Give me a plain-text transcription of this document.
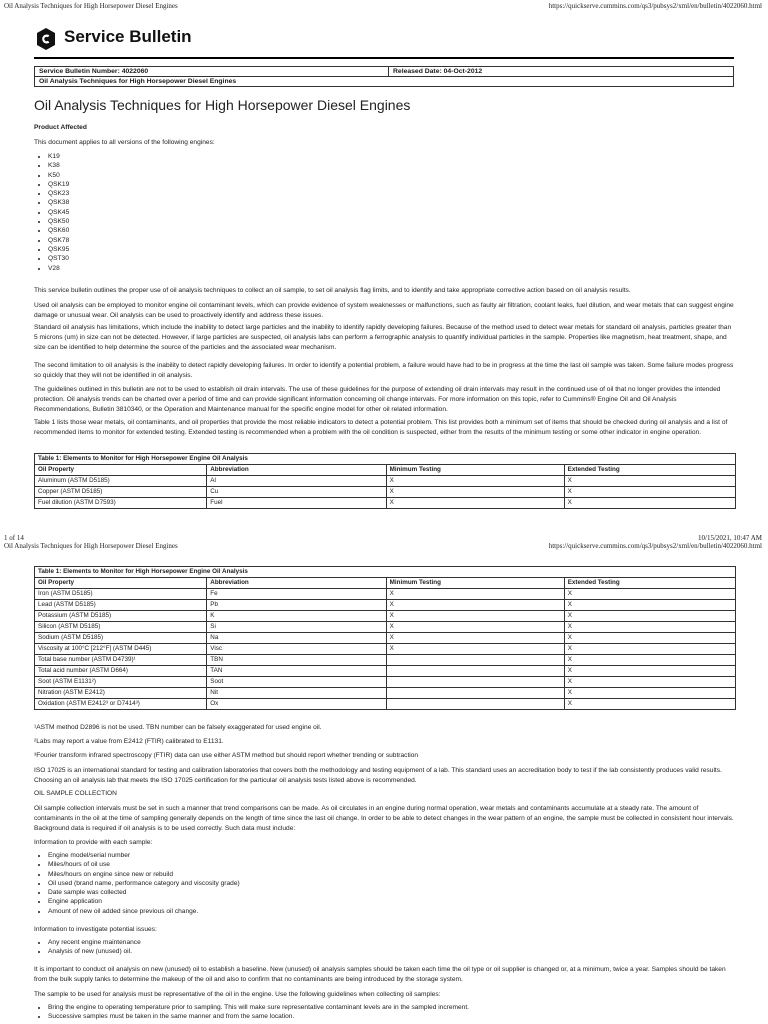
Oil Analysis Techniques for High Horsepower Diesel Engines	https://quickserve.cummins.com/qs3/pubsys2/xml/en/bulletin/4022060.html
Service Bulletin
Service Bulletin Number: 4022060	Released Date: 04-Oct-2012
Oil Analysis Techniques for High Horsepower Diesel Engines
Oil Analysis Techniques for High Horsepower Diesel Engines
Product Affected
This document applies to all versions of the following engines:
• K19
• K38
• K50
• QSK19
• QSK23
• QSK38
• QSK45
• QSK50
• QSK60
• QSK78
• QSK95
• QST30
• V28
This service bulletin outlines the proper use of oil analysis techniques to collect an oil sample, to set oil analysis flag limits, and to identify and take appropriate corrective action based on oil analysis results.
Used oil analysis can be employed to monitor engine oil contaminant levels, which can provide evidence of system weaknesses or malfunctions, such as faulty air filtration, coolant leaks, fuel dilution, and wear metals that can suggest engine damage or unusual wear. Oil analysis can be used to proactively identify and address these issues.
Standard oil analysis has limitations, which include the inability to detect large particles and the inability to identify rapidly developing failures. Because of the method used to detect wear metals for standard oil analysis, particles greater than 5 microns (um) in size can not be detected. However, if large particles are suspected, oil analysis labs can perform a ferrographic analysis to quantify individual particles in the sample. Properties like magnetism, heat treatment, shape, and size can be identified to help determine the source of the particles and the associated wear mechanism.
The second limitation to oil analysis is the inability to detect rapidly developing failures. In order to identify a potential problem, a failure would have had to be in progress at the time the last oil sample was taken. Some failure modes progress so quickly that they will not be identified in oil analysis.
The guidelines outlined in this bulletin are not to be used to establish oil drain intervals. The use of these guidelines for the purpose of extending oil drain intervals may result in the continued use of oil that no longer provides the intended protection. Oil analysis trends can be charted over a period of time and can provide significant information concerning oil change intervals. For more information on this topic, refer to Cummins® Engine Oil and Oil Analysis Recommendations, Bulletin 3810340, or the Operation and Maintenance manual for the specific engine model for other oil related information.
Table 1 lists those wear metals, oil contaminants, and oil properties that provide the most reliable indicators to detect a potential problem. This list provides both a minimum set of items that should be checked during oil analysis and a list of recommended items to monitor for extended testing. Extended testing is recommended when a problem with the oil condition is suspected, either from the results of the minimum testing or some other indicator in engine operation.
Table 1: Elements to Monitor for High Horsepower Engine Oil Analysis			
Oil Property	Abbreviation	Minimum Testing	Extended Testing
Aluminum (ASTM D5185)	Al	X	X
Copper (ASTM D5185)	Cu	X	X
Fuel dilution (ASTM D7593)	Fuel	X	X
1 of 14	10/15/2021, 10:47 AM
Oil Analysis Techniques for High Horsepower Diesel Engines	https://quickserve.cummins.com/qs3/pubsys2/xml/en/bulletin/4022060.html
Table 1: Elements to Monitor for High Horsepower Engine Oil Analysis			
Oil Property	Abbreviation	Minimum Testing	Extended Testing
Iron (ASTM D5185)	Fe	X	X
Lead (ASTM D5185)	Pb	X	X
Potassium (ASTM D5185)	K	X	X
Silicon (ASTM D5185)	Si	X	X
Sodium (ASTM D5185)	Na	X	X
Viscosity at 100°C [212°F] (ASTM D445)	Visc	X	X
Total base number (ASTM D4739)¹	TBN		X
Total acid number (ASTM D664)	TAN		X
Soot (ASTM E1131²)	Soot		X
Nitration (ASTM E2412)	Nit		X
Oxidation (ASTM E2412³ or D7414³)	Ox		X
¹ASTM method D2896 is not be used. TBN number can be falsely exaggerated for used engine oil.
²Labs may report a value from E2412 (FTIR) calibrated to E1131.
³Fourier transform infrared spectroscopy (FTIR) data can use either ASTM method but should report whether trending or subtraction
ISO 17025 is an international standard for testing and calibration laboratories that covers both the methodology and testing equipment of a lab. This standard uses an accreditation body to test if the lab consistently produces valid results. Choosing an oil analysis lab that meets the ISO 17025 certification for the particular oil analysis tests listed above is recommended.
OIL SAMPLE COLLECTION
Oil sample collection intervals must be set in such a manner that trend comparisons can be made. As oil circulates in an engine during normal operation, wear metals and contaminants accumulate at a steady rate. The amount of contaminants in the oil at the time of sampling generally depends on the length of time since the last oil change. In order to be able to detect changes in the wear pattern of an engine, the sample must be collected in consistent hour intervals. Background data is required if oil analysis is to be used correctly. Such data must include:
Information to provide with each sample:
• Engine model/serial number
• Miles/hours of oil use
• Miles/hours on engine since new or rebuild
• Oil used (brand name, performance category and viscosity grade)
• Date sample was collected
• Engine application
• Amount of new oil added since previous oil change.
Information to investigate potential issues:
• Any recent engine maintenance
• Analysis of new (unused) oil.
It is important to conduct oil analysis on new (unused) oil to establish a baseline. New (unused) oil analysis samples should be taken each time the oil type or oil supplier is changed or, at a minimum, twice a year. Samples should be taken from the bulk supply tanks to determine the makeup of the oil and also to confirm that no contaminants are being introduced by the storage system.
The sample to be used for analysis must be representative of the oil in the engine. Use the following guidelines when collecting oil samples:
• Bring the engine to operating temperature prior to sampling. This will make sure representative contaminant levels are in the sampled increment.
• Successive samples must be taken in the same manner and from the same location.
